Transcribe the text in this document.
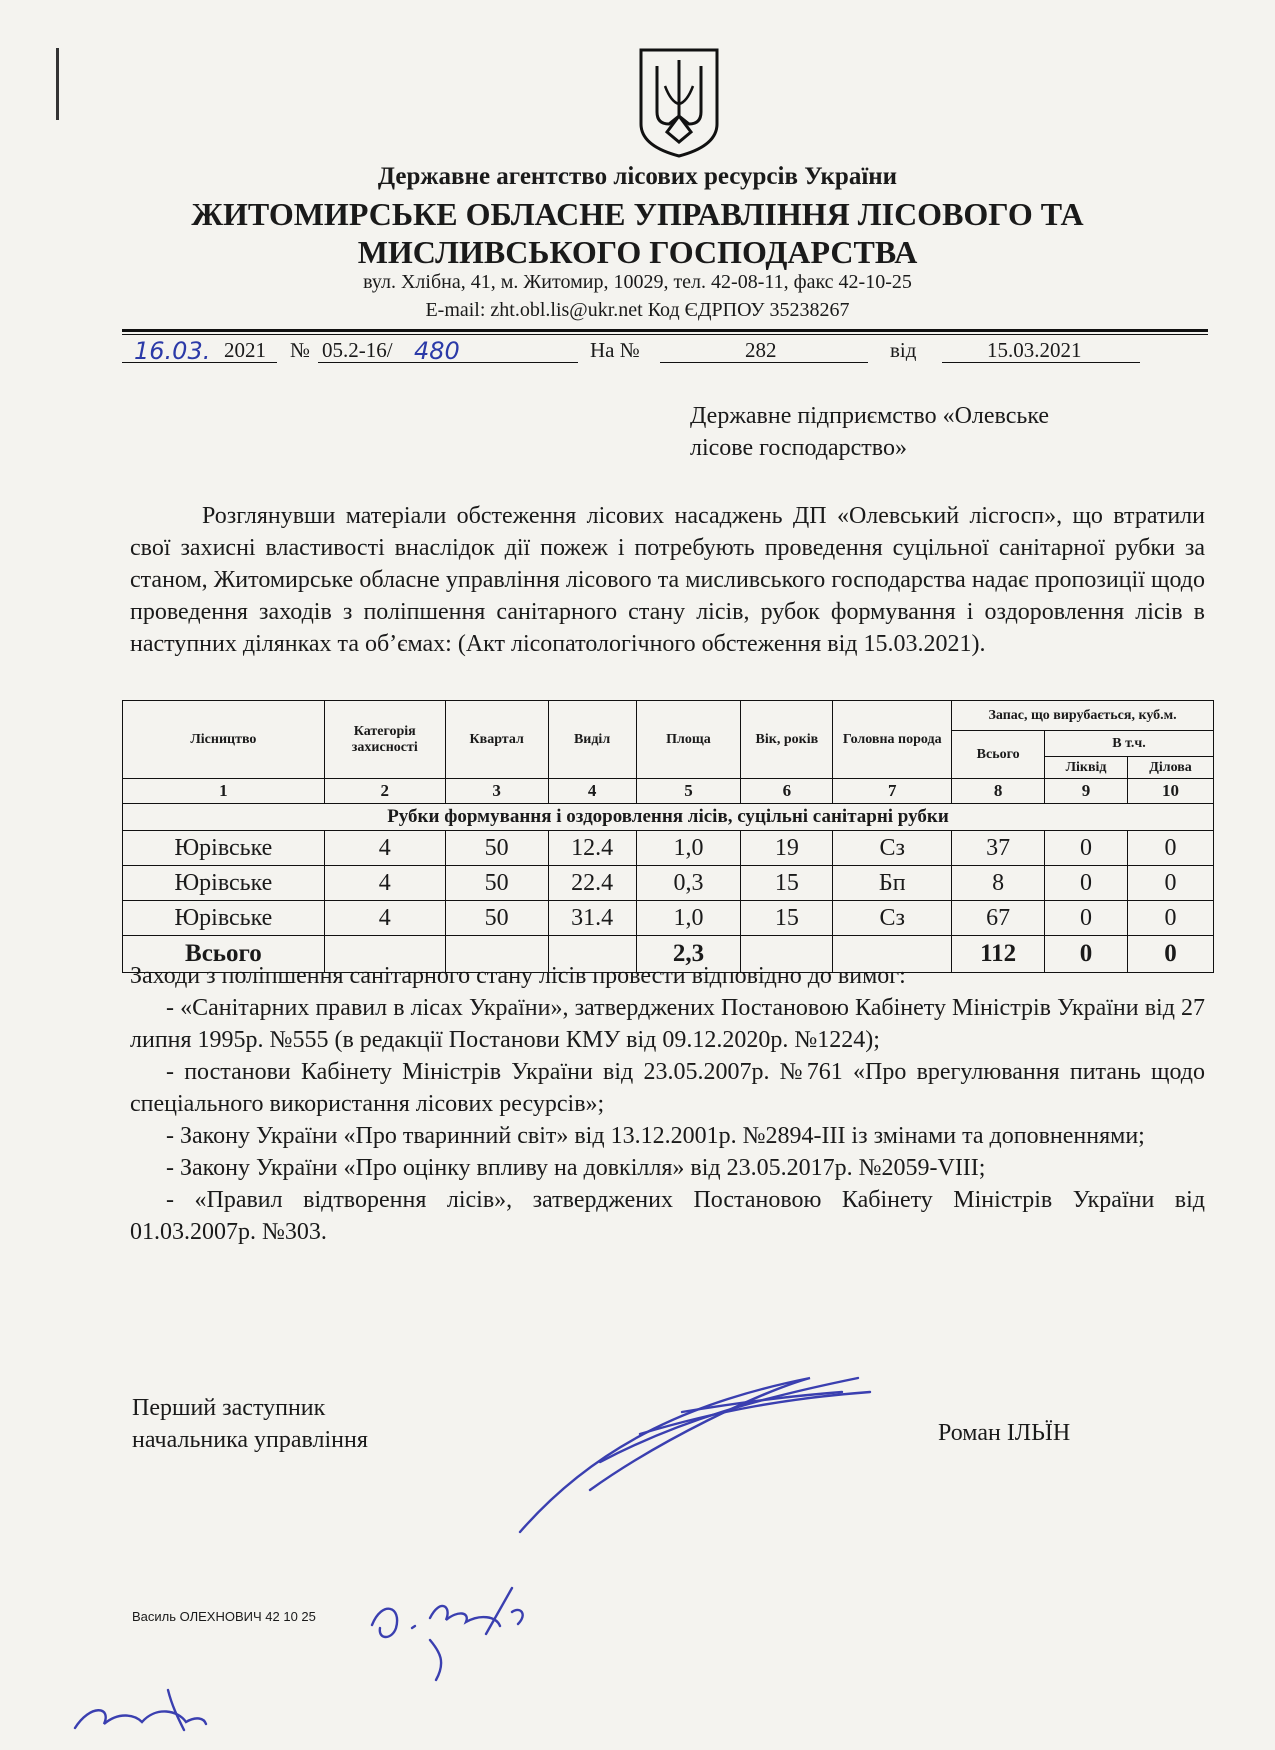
Державне агентство лісових ресурсів України
ЖИТОМИРСЬКЕ ОБЛАСНЕ УПРАВЛІННЯ ЛІСОВОГО ТА
МИСЛИВСЬКОГО ГОСПОДАРСТВА
вул. Хлібна, 41, м. Житомир, 10029, тел. 42-08-11, факс 42-10-25
E-mail: zht.obl.lis@ukr.net Код ЄДРПОУ 35238267
16.03. 2021 № 05.2-16/ 480	На №	282	від	15.03.2021
Державне підприємство «Олевське
лісове господарство»
Розглянувши матеріали обстеження лісових насаджень ДП «Олевський лісгосп», що втратили свої захисні властивості внаслідок дії пожеж і потребують проведення суцільної санітарної рубки за станом, Житомирське обласне управління лісового та мисливського господарства надає пропозиції щодо проведення заходів з поліпшення санітарного стану лісів, рубок формування і оздоровлення лісів в наступних ділянках та об’ємах: (Акт лісопатологічного обстеження від 15.03.2021).
Лісництво	Категорія захисності	Квартал	Виділ	Площа	Вік, років	Головна порода	Запас, що вирубається, куб.м.		
							Всього	В т.ч.	
								Ліквід	Ділова
1	2	3	4	5	6	7	8	9	10
Рубки формування і оздоровлення лісів, суцільні санітарні рубки									
Юрівське	4	50	12.4	1,0	19	Сз	37	0	0
Юрівське	4	50	22.4	0,3	15	Бп	8	0	0
Юрівське	4	50	31.4	1,0	15	Сз	67	0	0
Всього				2,3			112	0	0

Заходи з поліпшення санітарного стану лісів провести відповідно до вимог:

- «Санітарних правил в лісах України», затверджених Постановою Кабінету Міністрів України від 27 липня 1995р. №555 (в редакції Постанови КМУ від 09.12.2020р. №1224);

- постанови Кабінету Міністрів України від 23.05.2007р. №761 «Про врегулювання питань щодо спеціального використання лісових ресурсів»;

- Закону України «Про тваринний світ» від 13.12.2001р. №2894-ІІІ із змінами та доповненнями;

- Закону України «Про оцінку впливу на довкілля» від 23.05.2017р. №2059-VIII;

- «Правил відтворення лісів», затверджених Постановою Кабінету Міністрів України від 01.03.2007р. №303.

Перший заступник
начальника управління	Роман ІЛЬЇН
Василь ОЛЕХНОВИЧ 42 10 25
